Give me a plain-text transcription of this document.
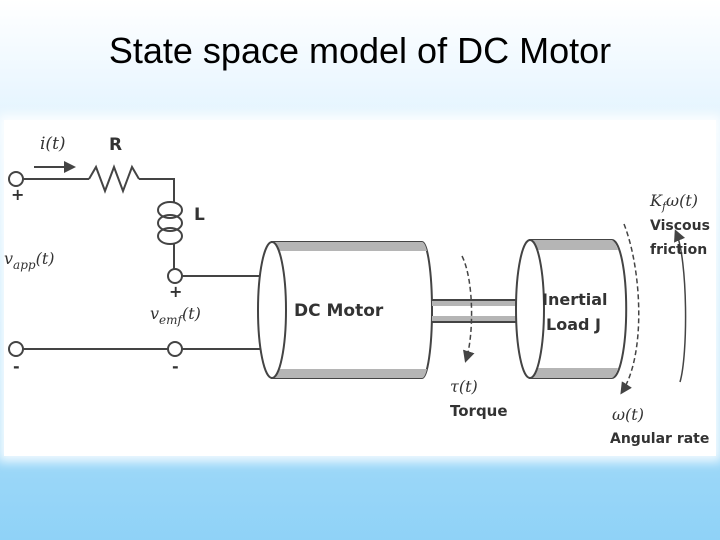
State space model of DC Motor
i(t)	R
L
+
-
+
-
$v_{app}(t)$
$v_{emf}(t)$	DC Motor
τ(t)
Torque
Inertial
Load J
$K_f\omega(t)$
Viscous
friction
ω(t)
Angular rate
